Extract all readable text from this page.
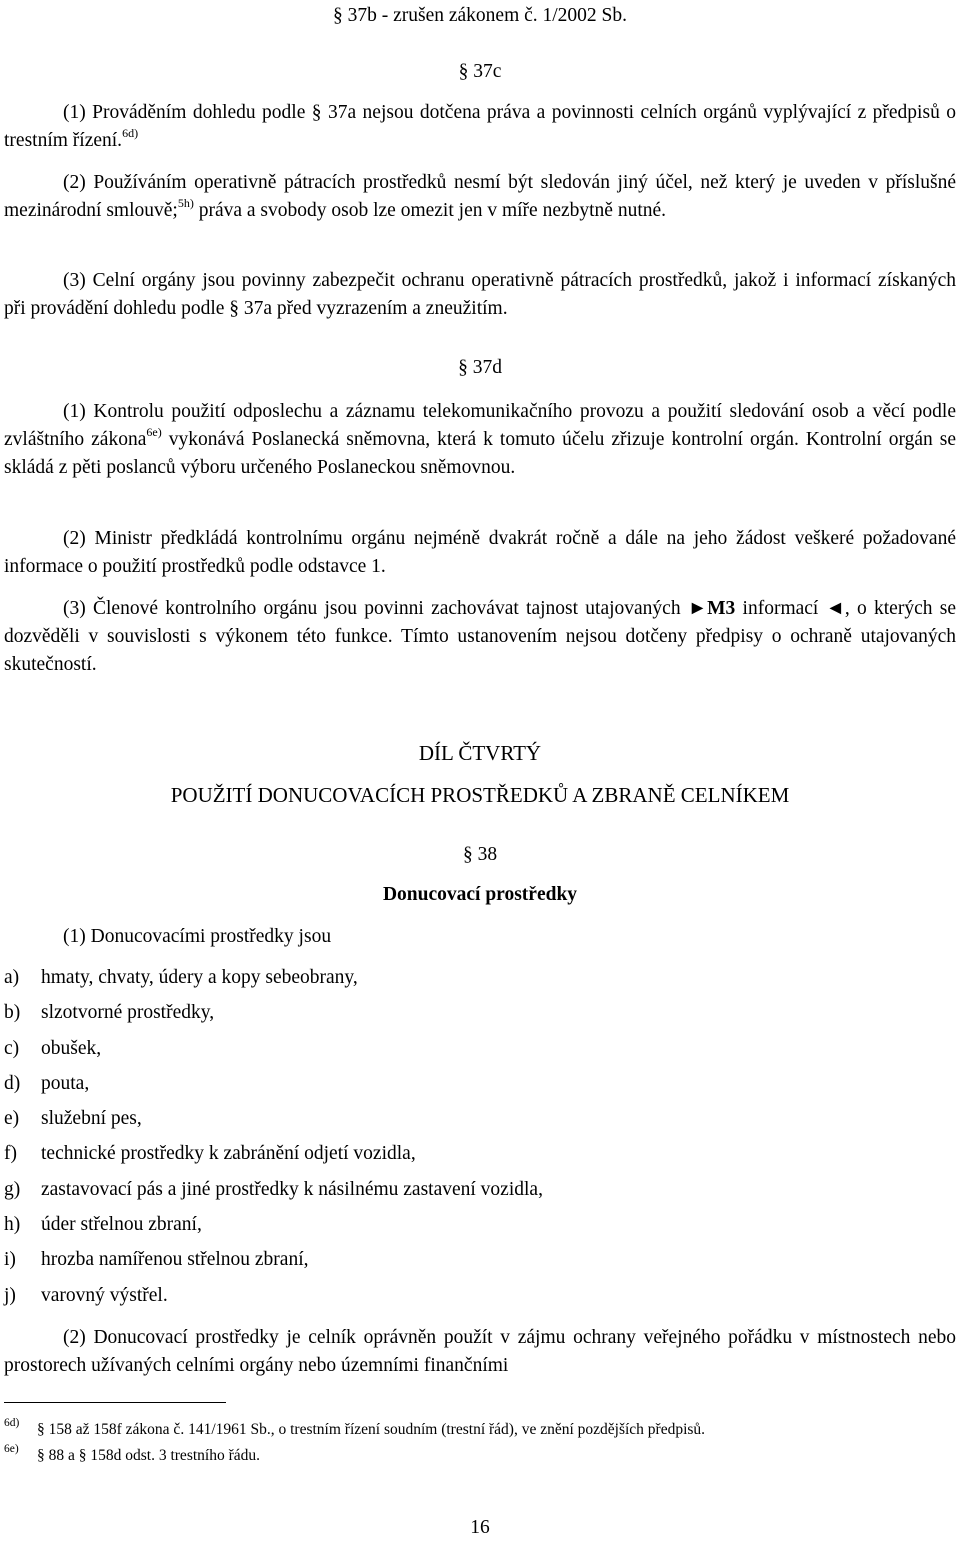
§ 37b - zrušen zákonem č. 1/2002 Sb.
§ 37c
(1) Prováděním dohledu podle § 37a nejsou dotčena práva a povinnosti celních orgánů vyplývající z předpisů o trestním řízení.$^{6d)}$
(2) Používáním operativně pátracích prostředků nesmí být sledován jiný účel, než který je uveden v příslušné mezinárodní smlouvě;$^{5h)}$ práva a svobody osob lze omezit jen v míře nezbytně nutné.
(3) Celní orgány jsou povinny zabezpečit ochranu operativně pátracích prostředků, jakož i informací získaných při provádění dohledu podle § 37a před vyzrazením a zneužitím.
§ 37d
(1) Kontrolu použití odposlechu a záznamu telekomunikačního provozu a použití sledování osob a věcí podle zvláštního zákona$^{6e)}$ vykonává Poslanecká sněmovna, která k tomuto účelu zřizuje kontrolní orgán. Kontrolní orgán se skládá z pěti poslanců výboru určeného Poslaneckou sněmovnou.
(2) Ministr předkládá kontrolnímu orgánu nejméně dvakrát ročně a dále na jeho žádost veškeré požadované informace o použití prostředků podle odstavce 1.
(3) Členové kontrolního orgánu jsou povinni zachovávat tajnost utajovaných ►M3 informací ◄, o kterých se dozvěděli v souvislosti s výkonem této funkce. Tímto ustanovením nejsou dotčeny předpisy o ochraně utajovaných skutečností.
DÍL ČTVRTÝ
POUŽITÍ DONUCOVACÍCH PROSTŘEDKŮ A ZBRANĚ CELNÍKEM
§ 38
Donucovací prostředky
(1) Donucovacími prostředky jsou
a) hmaty, chvaty, údery a kopy sebeobrany,
b) slzotvorné prostředky,
c) obušek,
d) pouta,
e) služební pes,
f) technické prostředky k zabránění odjetí vozidla,
g) zastavovací pás a jiné prostředky k násilnému zastavení vozidla,
h) úder střelnou zbraní,
i) hrozba namířenou střelnou zbraní,
j) varovný výstřel.
(2) Donucovací prostředky je celník oprávněn použít v zájmu ochrany veřejného pořádku v místnostech nebo prostorech užívaných celními orgány nebo územními finančními
6d) § 158 až 158f zákona č. 141/1961 Sb., o trestním řízení soudním (trestní řád), ve znění pozdějších předpisů.
6e) § 88 a § 158d odst. 3 trestního řádu.
16
